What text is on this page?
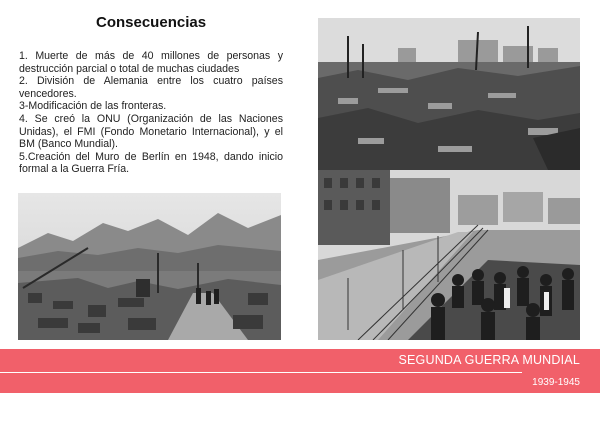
Consecuencias
1. Muerte de más de 40 millones de personas y destrucción parcial o total de muchas ciudades
2. División de Alemania entre los cuatro países vencedores.
3-Modificación de las fronteras.
4. Se creó la ONU (Organización de las Naciones Unidas), el FMI (Fondo Monetario Internacional), y el BM (Banco Mundial).
5.Creación del Muro de Berlín en 1948, dando inicio formal a la Guerra Fría.
SEGUNDA GUERRA MUNDIAL
1939-1945
